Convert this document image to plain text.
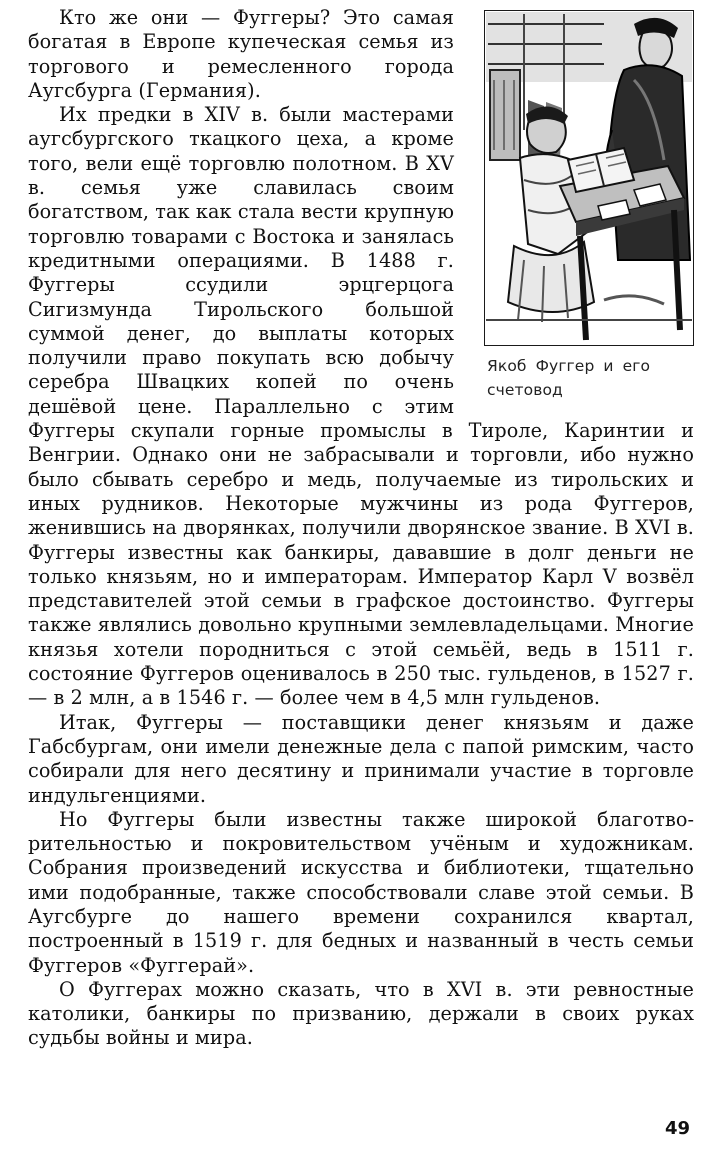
Якоб Фуггер и его счетовод

Кто же они — Фуггеры? Это самая богатая в Европе купеческая семья из торгового и ремесленного города Аугсбурга (Германия).

Их предки в XIV в. были мастерами аугсбургского ткацкого цеха, а кроме того, вели ещё торговлю полотном. В XV в. семья уже славилась своим богатством, так как стала вести крупную торговлю товарами с Востока и занялась кредитными операциями. В 1488 г. Фуггеры ссудили эрцгерцога Сигизмунда Тирольского большой суммой денег, до выплаты которых получили право покупать всю добычу серебра Швацких копей по очень дешёвой цене. Параллельно с этим Фуггеры скупали горные промыслы в Тироле, Каринтии и Венгрии. Однако они не забрасывали и торговли, ибо нужно было сбывать серебро и медь, получаемые из тирольских и иных рудников. Некоторые мужчины из рода Фуггеров, женившись на дворянках, получили дворянское звание. В XVI в. Фуггеры известны как банкиры, дававшие в долг деньги не только князьям, но и императорам. Император Карл V возвёл представителей этой семьи в графское достоинство. Фуггеры также являлись довольно крупными землевладельцами. Многие князья хотели породниться с этой семьёй, ведь в 1511 г. состояние Фуггеров оценивалось в 250 тыс. гульденов, в 1527 г. — в 2 млн, а в 1546 г. — более чем в 4,5 млн гульденов.

Итак, Фуггеры — поставщики денег князьям и даже Габсбургам, они имели денежные дела с папой римским, часто собирали для него десятину и принимали участие в торговле индульгенциями.

Но Фуггеры были известны также широкой благотворительностью и покровительством учёным и художникам. Собрания произведений искусства и библиотеки, тщательно ими подобранные, также способствовали славе этой семьи. В Аугсбурге до нашего времени сохранился квартал, построенный в 1519 г. для бедных и названный в честь семьи Фуггеров «Фуггерай».

О Фуггерах можно сказать, что в XVI в. эти ревностные католики, банкиры по призванию, держали в своих руках судьбы войны и мира.

49
